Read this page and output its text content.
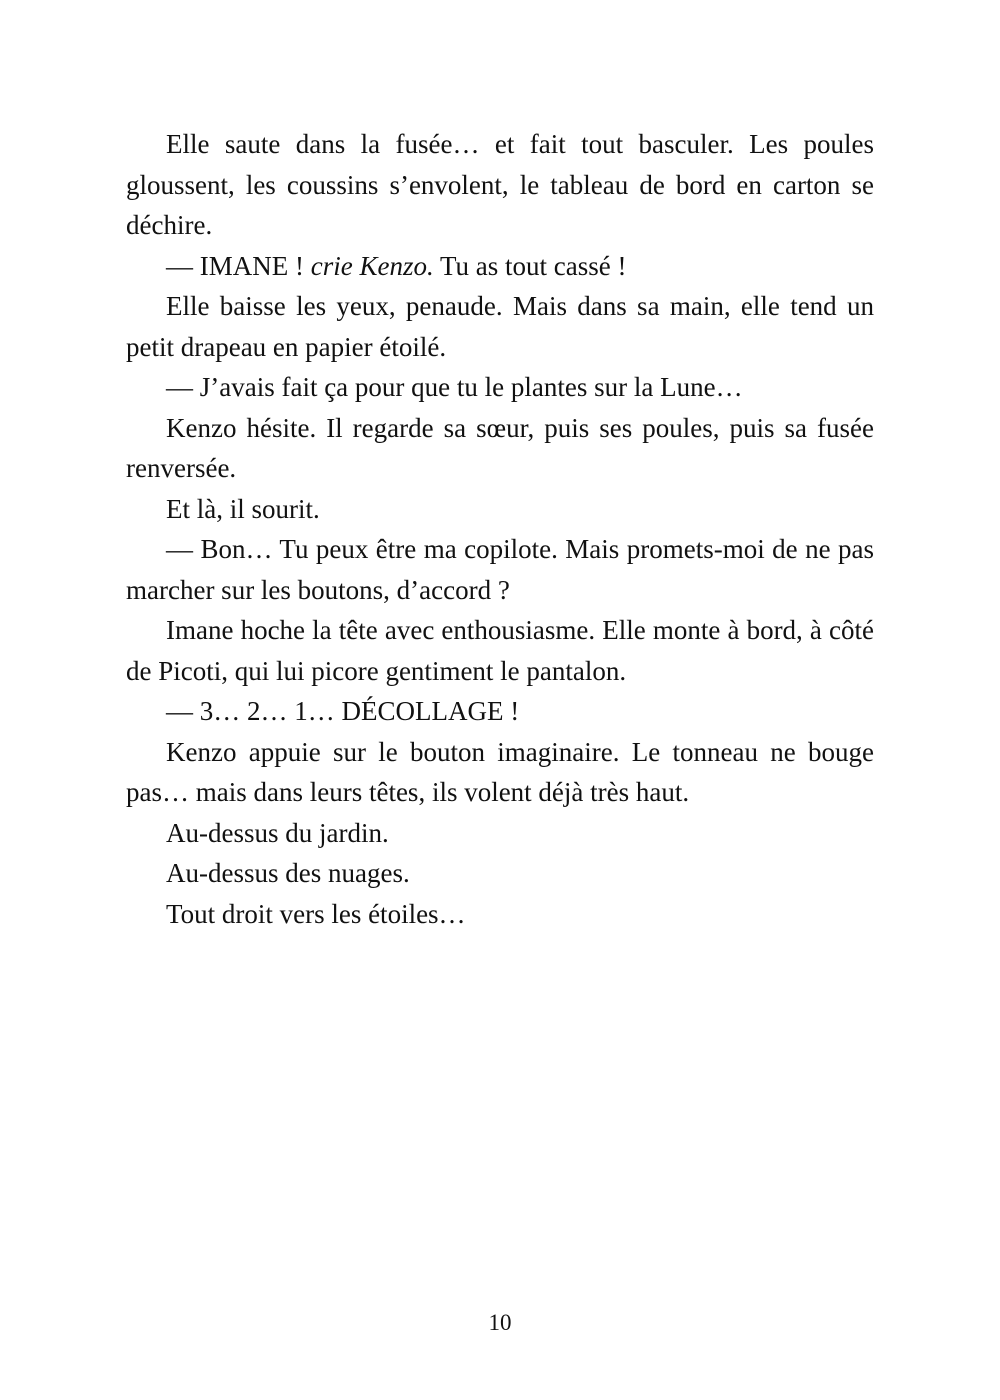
Elle saute dans la fusée… et fait tout basculer. Les poules gloussent, les coussins s’envolent, le tableau de bord en carton se déchire.

— IMANE ! crie Kenzo. Tu as tout cassé !

Elle baisse les yeux, penaude. Mais dans sa main, elle tend un petit drapeau en papier étoilé.

— J’avais fait ça pour que tu le plantes sur la Lune…

Kenzo hésite. Il regarde sa sœur, puis ses poules, puis sa fusée renversée.

Et là, il sourit.

— Bon… Tu peux être ma copilote. Mais promets-moi de ne pas marcher sur les boutons, d’accord ?

Imane hoche la tête avec enthousiasme. Elle monte à bord, à côté de Picoti, qui lui picore gentiment le pantalon.

— 3… 2… 1… DÉCOLLAGE !

Kenzo appuie sur le bouton imaginaire. Le tonneau ne bouge pas… mais dans leurs têtes, ils volent déjà très haut.

Au-dessus du jardin.

Au-dessus des nuages.

Tout droit vers les étoiles…

10
